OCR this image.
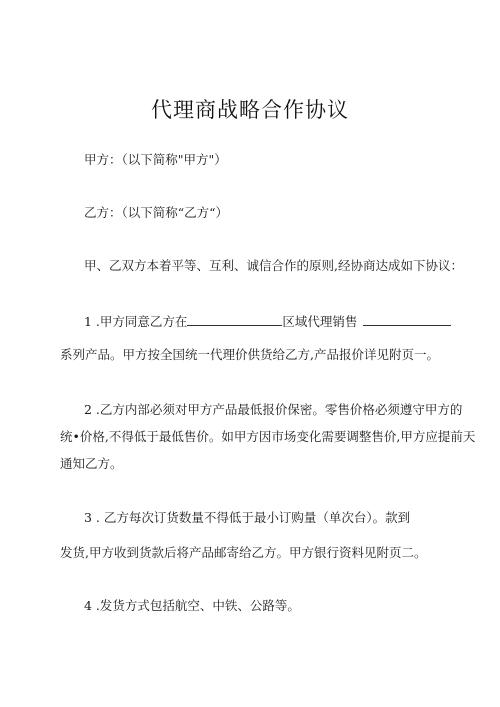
代理商战略合作协议
甲方：（以下简称"甲方"）
乙方：（以下简称“乙方“）
甲、乙双方本着平等、互利、诚信合作的原则,经协商达成如下协议：
1 .甲方同意乙方在	区域代理销售
系列产品。甲方按全国统一代理价供货给乙方,产品报价详见附页一。
2 .乙方内部必须对甲方产品最低报价保密。零售价格必须遵守甲方的
统•价格,不得低于最低售价。如甲方因市场变化需要调整售价,甲方应提前天
通知乙方。
3 . 乙方每次订货数量不得低于最小订购量（单次台）。款到
发货,甲方收到货款后将产品邮寄给乙方。甲方银行资料见附页二。
4 .发货方式包括航空、中铁、公路等。
